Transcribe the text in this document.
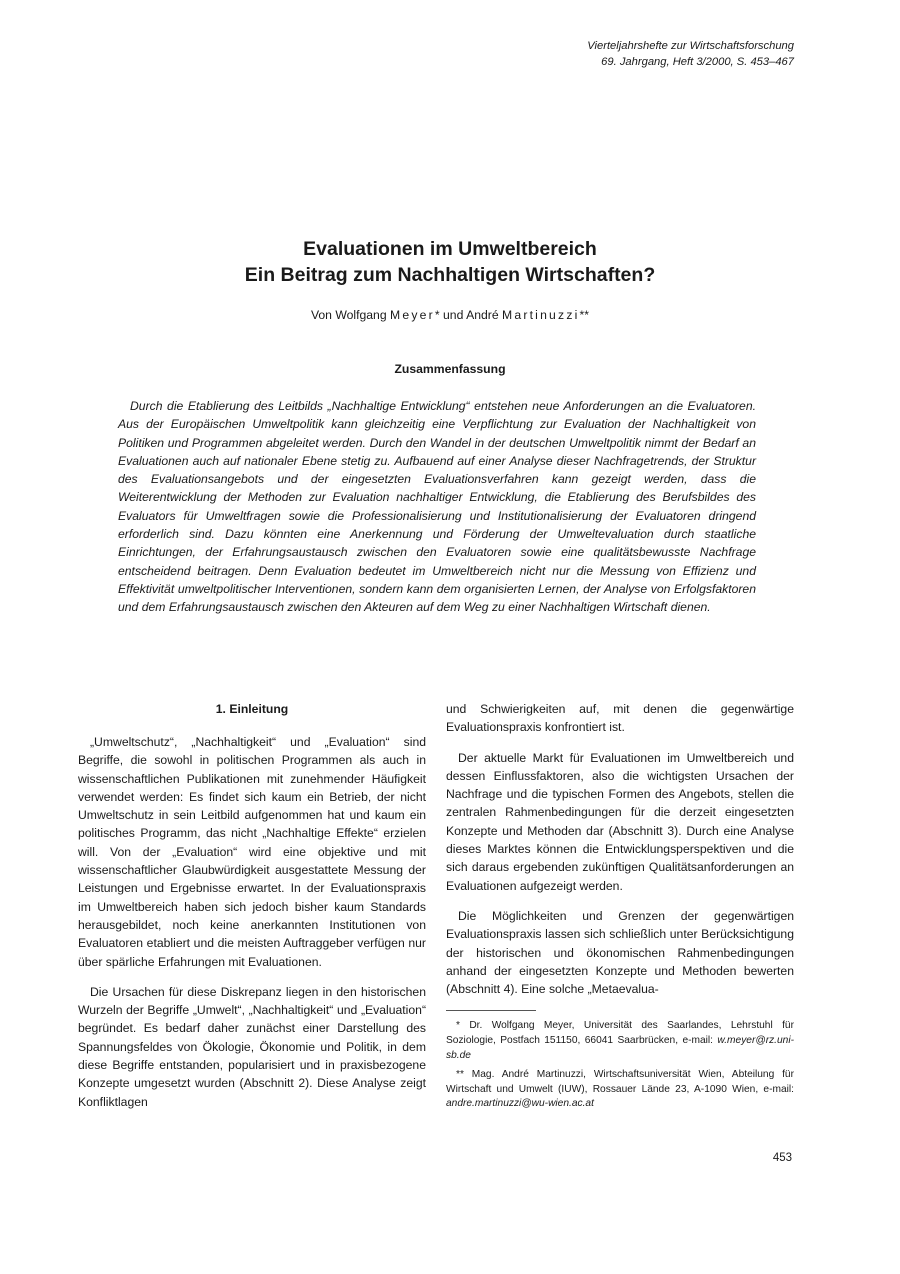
Vierteljahrshefte zur Wirtschaftsforschung
69. Jahrgang, Heft 3/2000, S. 453–467
Evaluationen im Umweltbereich
Ein Beitrag zum Nachhaltigen Wirtschaften?
Von Wolfgang Meyer* und André Martinuzzi**
Zusammenfassung

Durch die Etablierung des Leitbilds „Nachhaltige Entwicklung“ entstehen neue Anforderungen an die Evaluatoren. Aus der Europäischen Umweltpolitik kann gleichzeitig eine Verpflichtung zur Evaluation der Nachhaltigkeit von Politiken und Programmen abgeleitet werden. Durch den Wandel in der deutschen Umweltpolitik nimmt der Bedarf an Evaluationen auch auf nationaler Ebene stetig zu. Aufbauend auf einer Analyse dieser Nachfragetrends, der Struktur des Evaluationsangebots und der eingesetzten Evaluationsverfahren kann gezeigt werden, dass die Weiterentwicklung der Methoden zur Evaluation nachhaltiger Entwicklung, die Etablierung des Berufsbildes des Evaluators für Umweltfragen sowie die Professionalisierung und Institutionalisierung der Evaluatoren dringend erforderlich sind. Dazu könnten eine Anerkennung und Förderung der Umweltevaluation durch staatliche Einrichtungen, der Erfahrungsaustausch zwischen den Evaluatoren sowie eine qualitätsbewusste Nachfrage entscheidend beitragen. Denn Evaluation bedeutet im Umweltbereich nicht nur die Messung von Effizienz und Effektivität umweltpolitischer Interventionen, sondern kann dem organisierten Lernen, der Analyse von Erfolgsfaktoren und dem Erfahrungsaustausch zwischen den Akteuren auf dem Weg zu einer Nachhaltigen Wirtschaft dienen.

1. Einleitung

„Umweltschutz“, „Nachhaltigkeit“ und „Evaluation“ sind Begriffe, die sowohl in politischen Programmen als auch in wissenschaftlichen Publikationen mit zunehmender Häufigkeit verwendet werden: Es findet sich kaum ein Betrieb, der nicht Umweltschutz in sein Leitbild aufgenommen hat und kaum ein politisches Programm, das nicht „Nachhaltige Effekte“ erzielen will. Von der „Evaluation“ wird eine objektive und mit wissenschaftlicher Glaubwürdigkeit ausgestattete Messung der Leistungen und Ergebnisse erwartet. In der Evaluationspraxis im Umweltbereich haben sich jedoch bisher kaum Standards herausgebildet, noch keine anerkannten Institutionen von Evaluatoren etabliert und die meisten Auftraggeber verfügen nur über spärliche Erfahrungen mit Evaluationen.

Die Ursachen für diese Diskrepanz liegen in den historischen Wurzeln der Begriffe „Umwelt“, „Nachhaltigkeit“ und „Evaluation“ begründet. Es bedarf daher zunächst einer Darstellung des Spannungsfeldes von Ökologie, Ökonomie und Politik, in dem diese Begriffe entstanden, popularisiert und in praxisbezogene Konzepte umgesetzt wurden (Abschnitt 2). Diese Analyse zeigt Konfliktlagen

und Schwierigkeiten auf, mit denen die gegenwärtige Evaluationspraxis konfrontiert ist.

Der aktuelle Markt für Evaluationen im Umweltbereich und dessen Einflussfaktoren, also die wichtigsten Ursachen der Nachfrage und die typischen Formen des Angebots, stellen die zentralen Rahmenbedingungen für die derzeit eingesetzten Konzepte und Methoden dar (Abschnitt 3). Durch eine Analyse dieses Marktes können die Entwicklungsperspektiven und die sich daraus ergebenden zukünftigen Qualitätsanforderungen an Evaluationen aufgezeigt werden.

Die Möglichkeiten und Grenzen der gegenwärtigen Evaluationspraxis lassen sich schließlich unter Berücksichtigung der historischen und ökonomischen Rahmenbedingungen anhand der eingesetzten Konzepte und Methoden bewerten (Abschnitt 4). Eine solche „Metaevalua-

* Dr. Wolfgang Meyer, Universität des Saarlandes, Lehrstuhl für Soziologie, Postfach 151150, 66041 Saarbrücken, e-mail: w.meyer@rz.uni-sb.de
** Mag. André Martinuzzi, Wirtschaftsuniversität Wien, Abteilung für Wirtschaft und Umwelt (IUW), Rossauer Lände 23, A-1090 Wien, e-mail: andre.martinuzzi@wu-wien.ac.at
453
